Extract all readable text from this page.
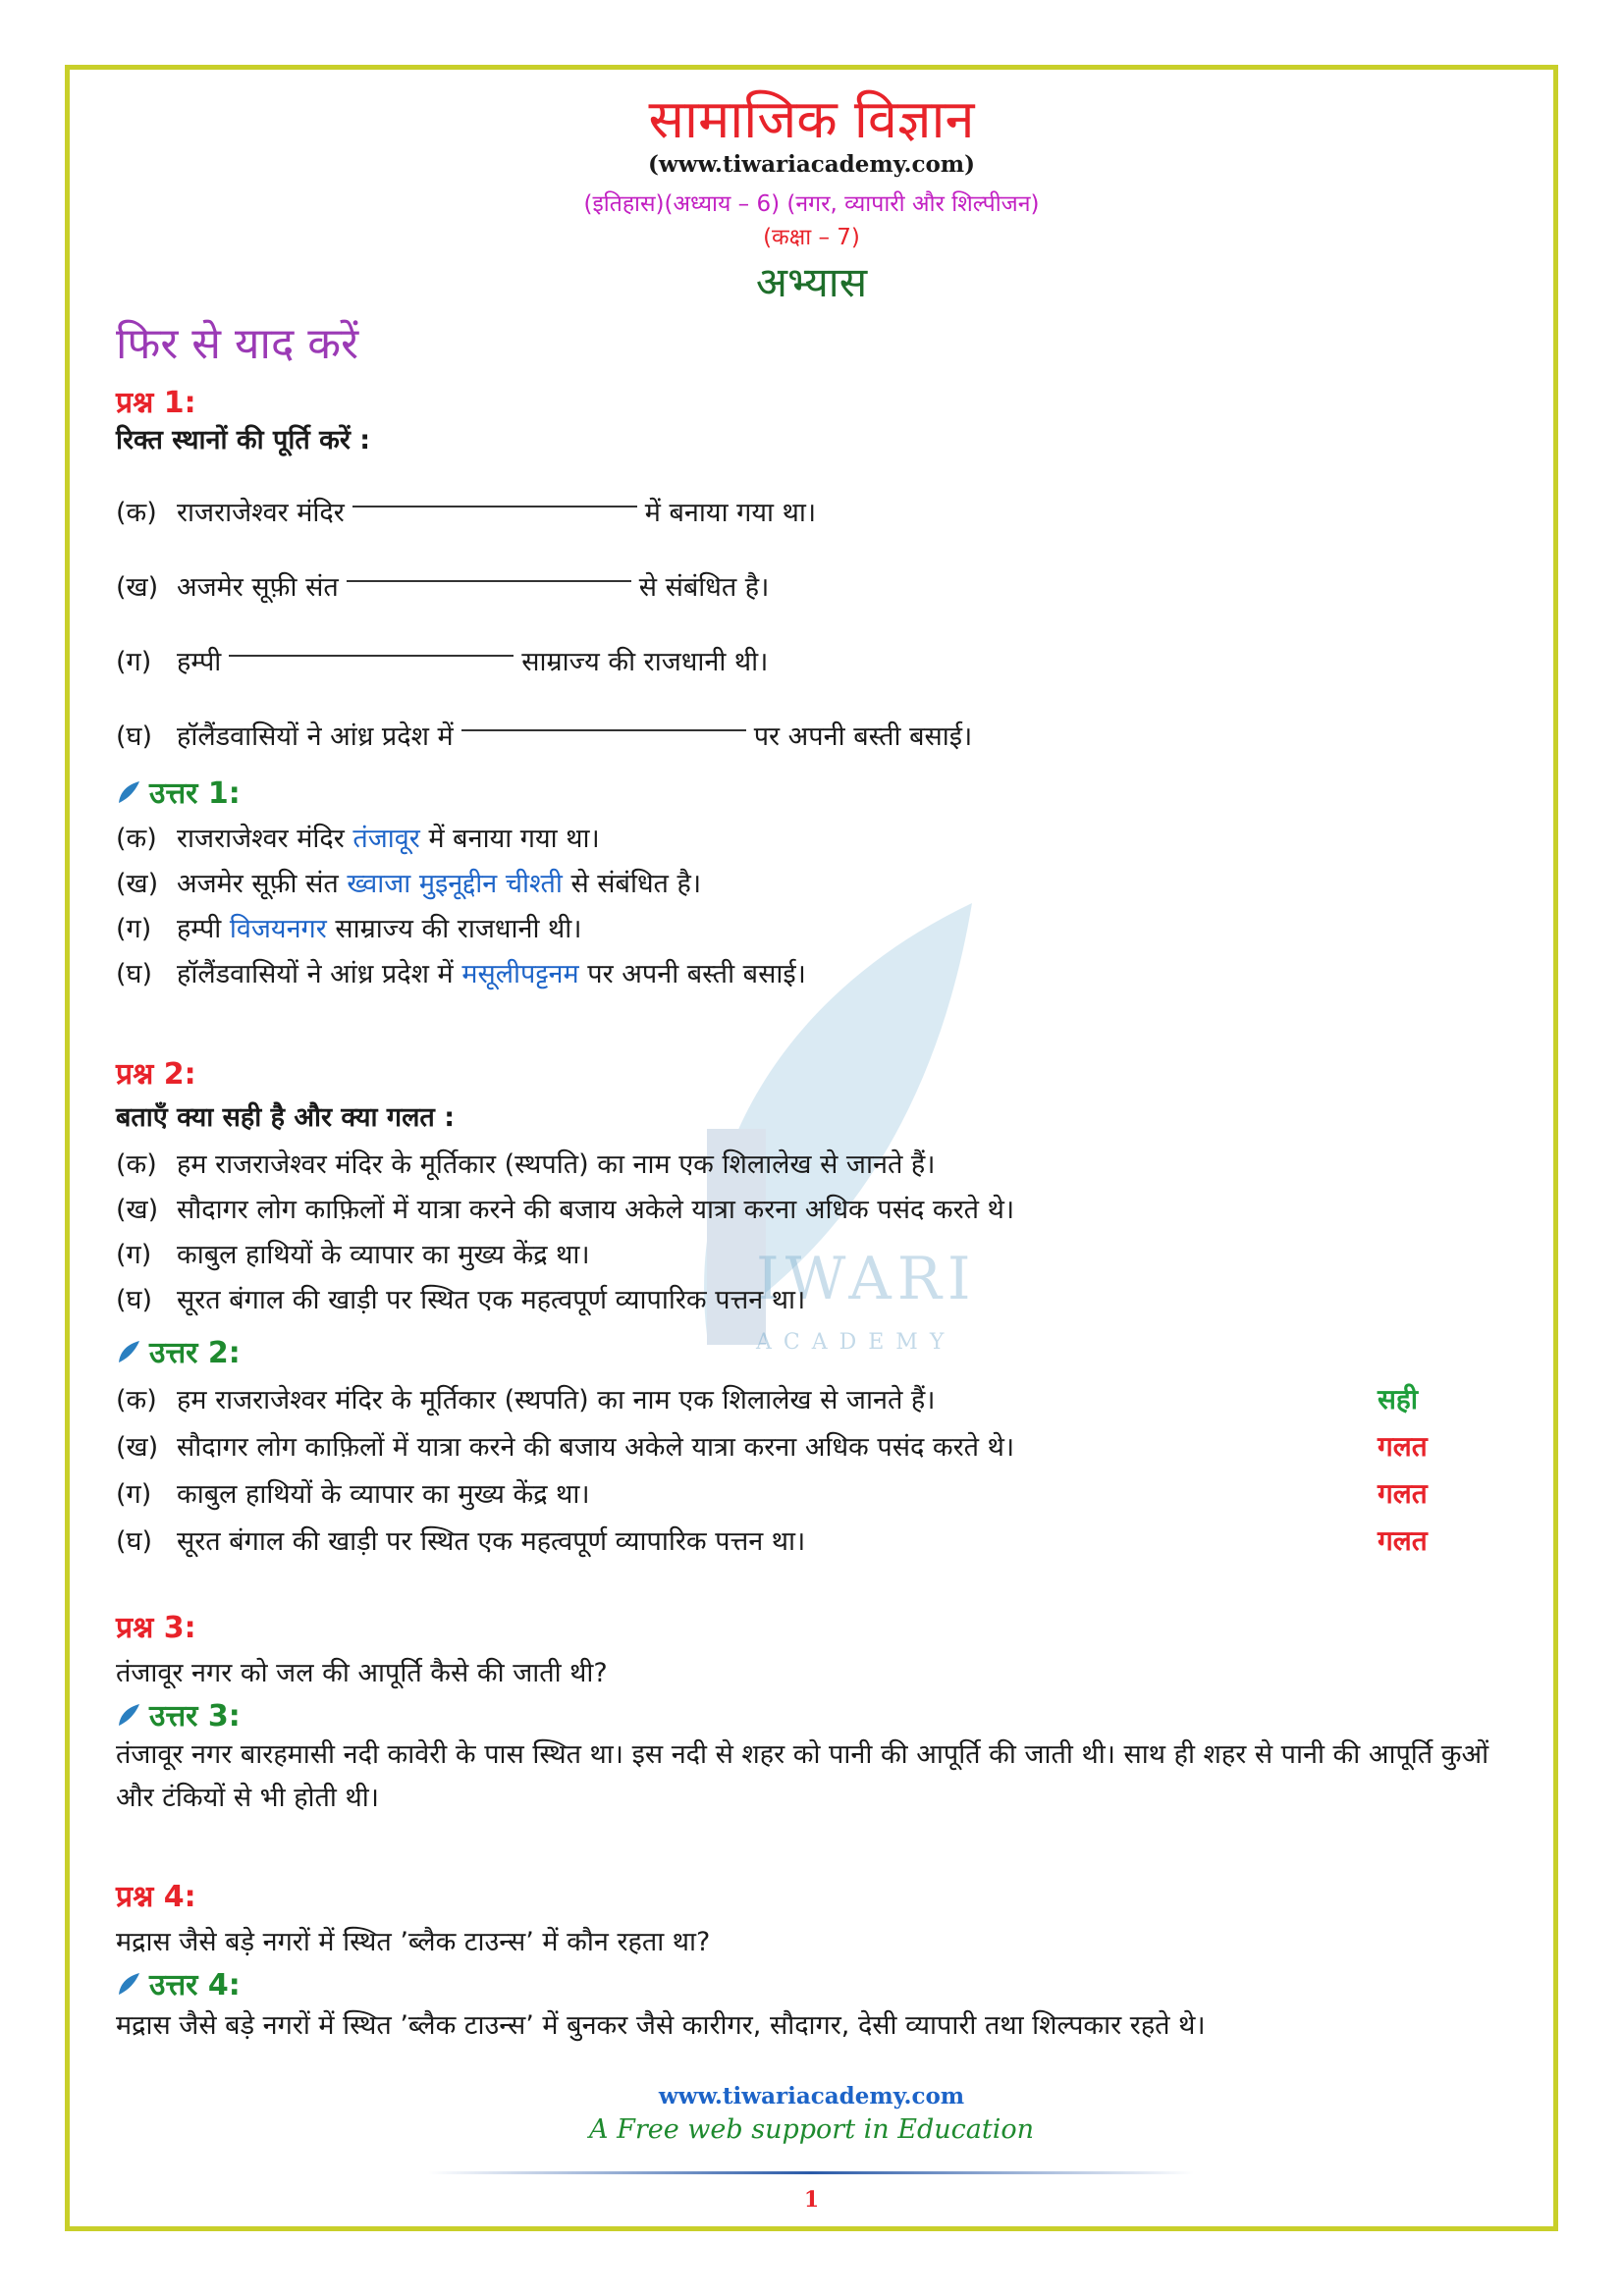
IWARI
ACADEMY
सामाजिक विज्ञान
(www.tiwariacademy.com)
(इतिहास)(अध्याय – 6) (नगर, व्यापारी और शिल्पीजन)
(कक्षा – 7)
अभ्यास
फिर से याद करें
प्रश्न 1:
रिक्त स्थानों की पूर्ति करें :
(क) राजराजेश्वर मंदिर	में बनाया गया था।
(ख) अजमेर सूफ़ी संत	से संबंधित है।
(ग) हम्पी	साम्राज्य की राजधानी थी।
(घ) हॉलैंडवासियों ने आंध्र प्रदेश में	पर अपनी बस्ती बसाई।
उत्तर 1:
(क) राजराजेश्वर मंदिर तंजावूर में बनाया गया था।
(ख) अजमेर सूफ़ी संत ख्वाजा मुइनूद्दीन चीश्ती से संबंधित है।
(ग) हम्पी विजयनगर साम्राज्य की राजधानी थी।
(घ) हॉलैंडवासियों ने आंध्र प्रदेश में मसूलीपट्टनम पर अपनी बस्ती बसाई।
प्रश्न 2:
बताएँ क्या सही है और क्या गलत :
(क) हम राजराजेश्वर मंदिर के मूर्तिकार (स्थपति) का नाम एक शिलालेख से जानते हैं।
(ख) सौदागर लोग काफ़िलों में यात्रा करने की बजाय अकेले यात्रा करना अधिक पसंद करते थे।
(ग) काबुल हाथियों के व्यापार का मुख्य केंद्र था।
(घ) सूरत बंगाल की खाड़ी पर स्थित एक महत्वपूर्ण व्यापारिक पत्तन था।
उत्तर 2:
(क) हम राजराजेश्वर मंदिर के मूर्तिकार (स्थपति) का नाम एक शिलालेख से जानते हैं।	सही
(ख) सौदागर लोग काफ़िलों में यात्रा करने की बजाय अकेले यात्रा करना अधिक पसंद करते थे।	गलत
(ग) काबुल हाथियों के व्यापार का मुख्य केंद्र था।	गलत
(घ) सूरत बंगाल की खाड़ी पर स्थित एक महत्वपूर्ण व्यापारिक पत्तन था।	गलत
प्रश्न 3:
तंजावूर नगर को जल की आपूर्ति कैसे की जाती थी?
उत्तर 3:
तंजावूर नगर बारहमासी नदी कावेरी के पास स्थित था। इस नदी से शहर को पानी की आपूर्ति की जाती थी। साथ ही शहर से पानी की आपूर्ति कुओं और टंकियों से भी होती थी।
प्रश्न 4:
मद्रास जैसे बड़े नगरों में स्थित ’ब्लैक टाउन्स’ में कौन रहता था?
उत्तर 4:
मद्रास जैसे बड़े नगरों में स्थित ’ब्लैक टाउन्स’ में बुनकर जैसे कारीगर, सौदागर, देसी व्यापारी तथा शिल्पकार रहते थे।
www.tiwariacademy.com
A Free web support in Education
1
